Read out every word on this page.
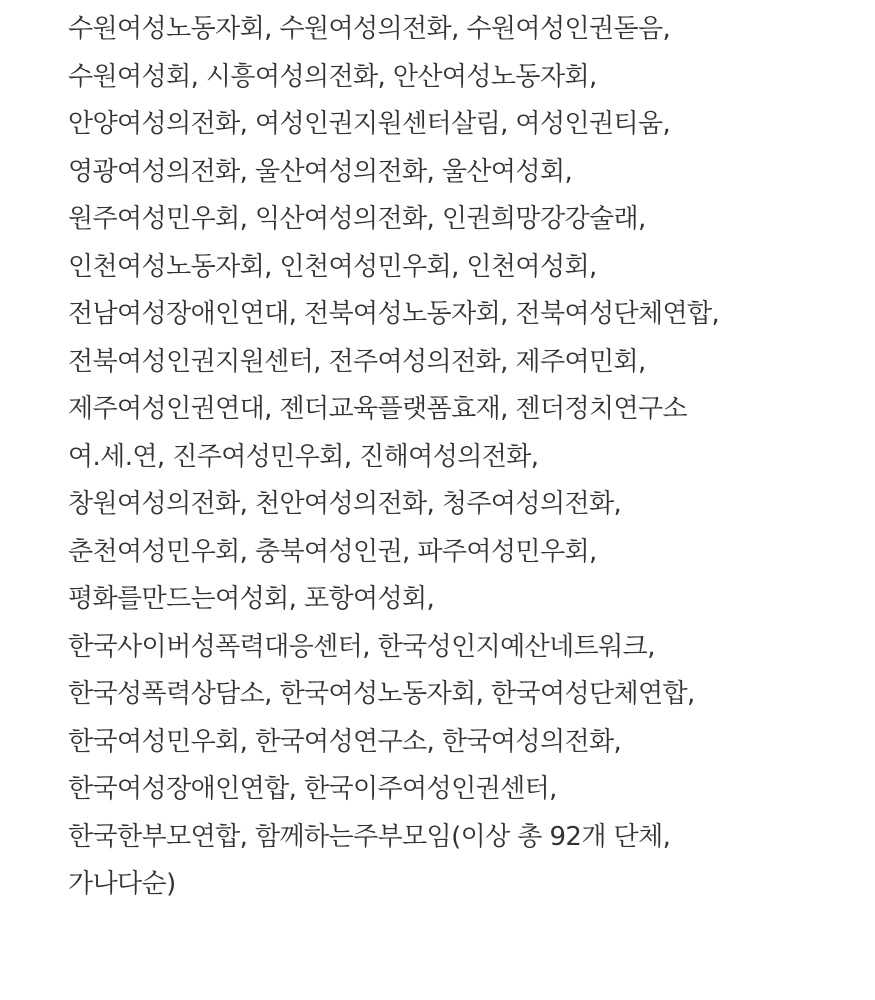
수원여성노동자회, 수원여성의전화, 수원여성인권돋음,
수원여성회, 시흥여성의전화, 안산여성노동자회,
안양여성의전화, 여성인권지원센터살림, 여성인권티움,
영광여성의전화, 울산여성의전화, 울산여성회,
원주여성민우회, 익산여성의전화, 인권희망강강술래,
인천여성노동자회, 인천여성민우회, 인천여성회,
전남여성장애인연대, 전북여성노동자회, 전북여성단체연합,
전북여성인권지원센터, 전주여성의전화, 제주여민회,
제주여성인권연대, 젠더교육플랫폼효재, 젠더정치연구소
여.세.연, 진주여성민우회, 진해여성의전화,
창원여성의전화, 천안여성의전화, 청주여성의전화,
춘천여성민우회, 충북여성인권, 파주여성민우회,
평화를만드는여성회, 포항여성회,
한국사이버성폭력대응센터, 한국성인지예산네트워크,
한국성폭력상담소, 한국여성노동자회, 한국여성단체연합,
한국여성민우회, 한국여성연구소, 한국여성의전화,
한국여성장애인연합, 한국이주여성인권센터,
한국한부모연합, 함께하는주부모임(이상 총 92개 단체,
가나다순)
